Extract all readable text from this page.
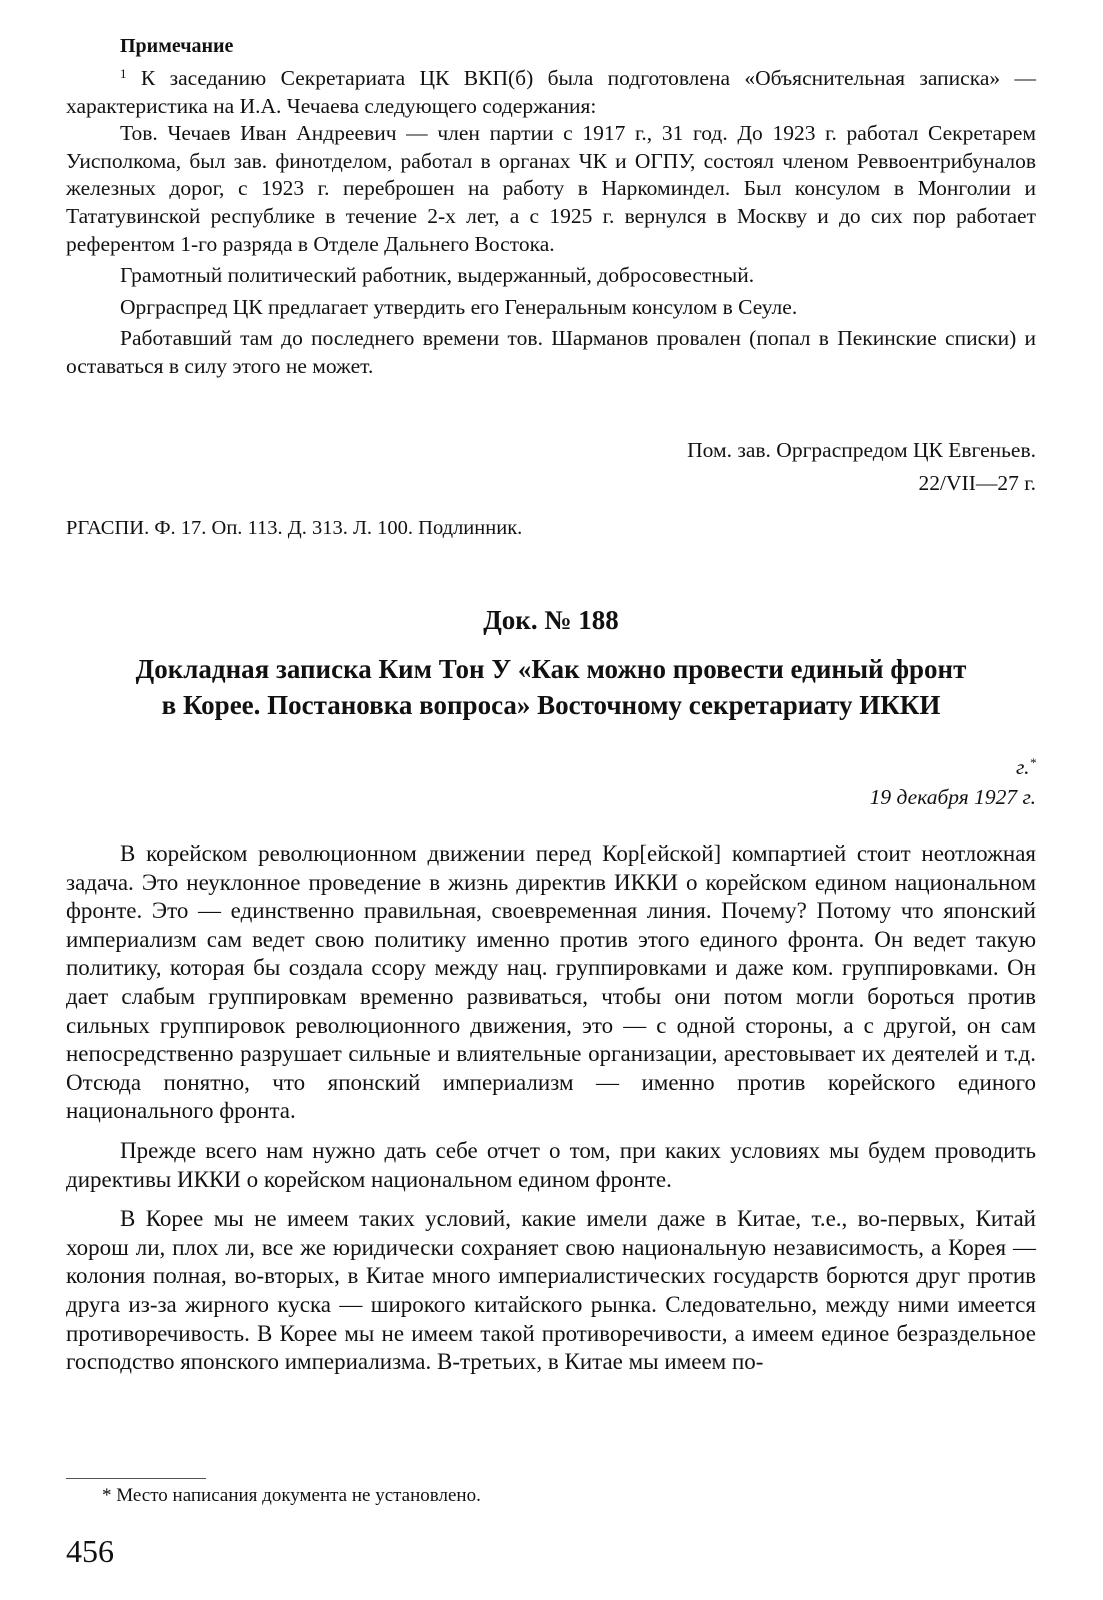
Примечание

$^1$ К заседанию Секретариата ЦК ВКП(б) была подготовлена «Объяснительная записка» — характеристика на И.А. Чечаева следующего содержания:

Тов. Чечаев Иван Андреевич — член партии с 1917 г., 31 год. До 1923 г. работал Секретарем Уисполкома, был зав. финотделом, работал в органах ЧК и ОГПУ, состоял членом Реввоентрибуналов железных дорог, с 1923 г. переброшен на работу в Наркоминдел. Был консулом в Монголии и Тататувинской республике в течение 2-х лет, а с 1925 г. вернулся в Москву и до сих пор работает референтом 1-го разряда в Отделе Дальнего Востока.

Грамотный политический работник, выдержанный, добросовестный.

Орграспред ЦК предлагает утвердить его Генеральным консулом в Сеуле.

Работавший там до последнего времени тов. Шарманов провален (попал в Пекинские списки) и оставаться в силу этого не может.

Пом. зав. Орграспредом ЦК Евгеньев.

22/VII—27 г.

РГАСПИ. Ф. 17. Оп. 113. Д. 313. Л. 100. Подлинник.
Док. № 188

Докладная записка Ким Тон У «Как можно провести единый фронт

в Корее. Постановка вопроса» Восточному секретариату ИККИ

г.*

19 декабря 1927 г.

В корейском революционном движении перед Кор[ейской] компартией стоит неотложная задача. Это неуклонное проведение в жизнь директив ИККИ о корейском едином национальном фронте. Это — единственно правильная, своевременная линия. Почему? Потому что японский империализм сам ведет свою политику именно против этого единого фронта. Он ведет такую политику, которая бы создала ссору между нац. группировками и даже ком. группировками. Он дает слабым группировкам временно развиваться, чтобы они потом могли бороться против сильных группировок революционного движения, это — с одной стороны, а с другой, он сам непосредственно разрушает сильные и влиятельные организации, арестовывает их деятелей и т.д. Отсюда понятно, что японский империализм — именно против корейского единого национального фронта.

Прежде всего нам нужно дать себе отчет о том, при каких условиях мы будем проводить директивы ИККИ о корейском национальном едином фронте.

В Корее мы не имеем таких условий, какие имели даже в Китае, т.е., во-первых, Китай хорош ли, плох ли, все же юридически сохраняет свою национальную независимость, а Корея — колония полная, во-вторых, в Китае много империалистических государств борются друг против друга из-за жирного куска — широкого китайского рынка. Следовательно, между ними имеется противоречивость. В Корее мы не имеем такой противоречивости, а имеем единое безраздельное господство японского империализма. В-третьих, в Китае мы имеем по-

* Место написания документа не установлено.
456
